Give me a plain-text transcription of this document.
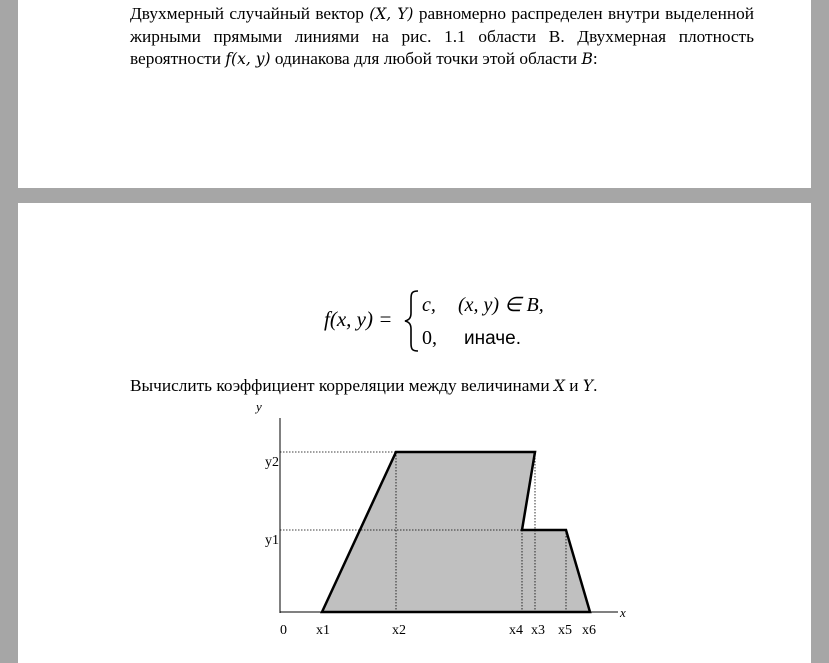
Двухмерный случайный вектор (X, Y) равномерно распределен внутри выделенной жирными прямыми линиями на рис. 1.1 области В. Двухмерная плотность вероятности f(x, y) одинакова для любой точки этой области B:

f(x, y) =
c, (x, y) ∈ B,
0, иначе.

Вычислить коэффициент корреляции между величинами X и Y.

y
x
0
y2
y1
x1	x2	x4 x3 x5 x6
